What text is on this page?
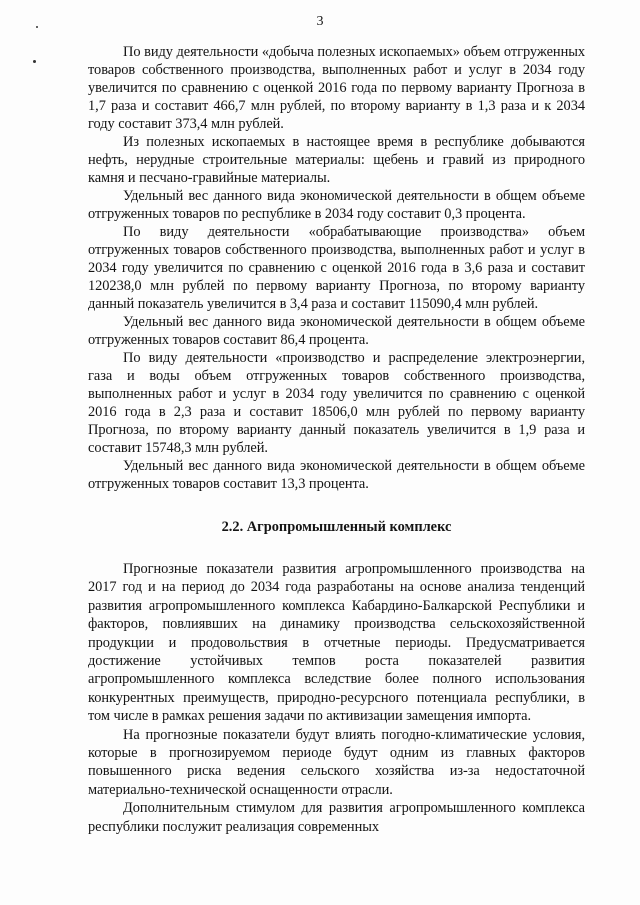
3

По виду деятельности «добыча полезных ископаемых» объем отгруженных товаров собственного производства, выполненных работ и услуг в 2034 году увеличится по сравнению с оценкой 2016 года по первому варианту Прогноза в 1,7 раза и составит 466,7 млн рублей, по второму варианту в 1,3 раза и к 2034 году составит 373,4 млн рублей.

Из полезных ископаемых в настоящее время в республике добываются нефть, нерудные строительные материалы: щебень и гравий из природного камня и песчано-гравийные материалы.

Удельный вес данного вида экономической деятельности в общем объеме отгруженных товаров по республике в 2034 году составит 0,3 процента.

По виду деятельности «обрабатывающие производства» объем отгруженных товаров собственного производства, выполненных работ и услуг в 2034 году увеличится по сравнению с оценкой 2016 года в 3,6 раза и составит 120238,0 млн рублей по первому варианту Прогноза, по второму варианту данный показатель увеличится в 3,4 раза и составит 115090,4 млн рублей.

Удельный вес данного вида экономической деятельности в общем объеме отгруженных товаров составит 86,4 процента.

По виду деятельности «производство и распределение электроэнергии, газа и воды объем отгруженных товаров собственного производства, выполненных работ и услуг в 2034 году увеличится по сравнению с оценкой 2016 года в 2,3 раза и составит 18506,0 млн рублей по первому варианту Прогноза, по второму варианту данный показатель увеличится в 1,9 раза и составит 15748,3 млн рублей.

Удельный вес данного вида экономической деятельности в общем объеме отгруженных товаров составит 13,3 процента.

2.2. Агропромышленный комплекс

Прогнозные показатели развития агропромышленного производства на 2017 год и на период до 2034 года разработаны на основе анализа тенденций развития агропромышленного комплекса Кабардино-Балкарской Республики и факторов, повлиявших на динамику производства сельскохозяйственной продукции и продовольствия в отчетные периоды. Предусматривается достижение устойчивых темпов роста показателей развития агропромышленного комплекса вследствие более полного использования конкурентных преимуществ, природно-ресурсного потенциала республики, в том числе в рамках решения задачи по активизации замещения импорта.

На прогнозные показатели будут влиять погодно-климатические условия, которые в прогнозируемом периоде будут одним из главных факторов повышенного риска ведения сельского хозяйства из-за недостаточной материально-технической оснащенности отрасли.

Дополнительным стимулом для развития агропромышленного комплекса республики послужит реализация современных
